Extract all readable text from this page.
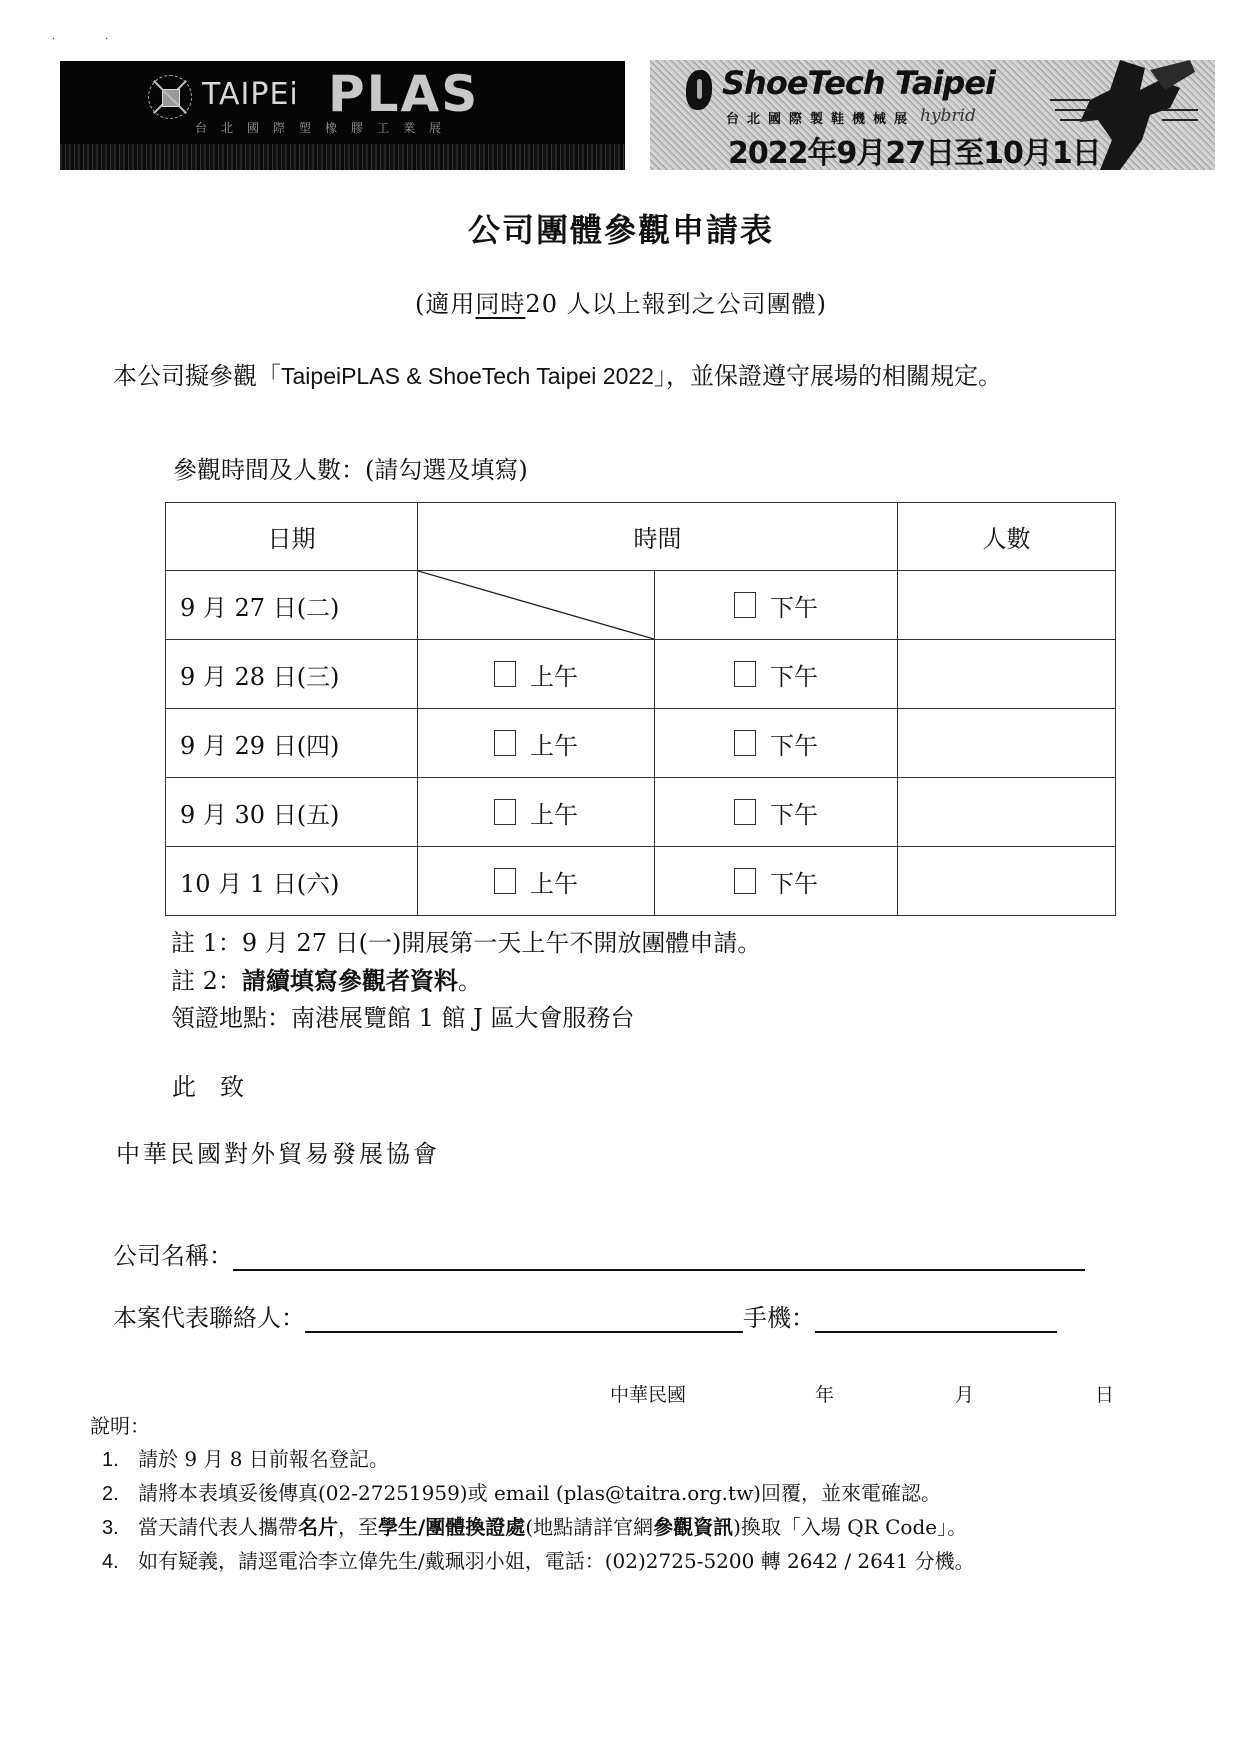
·	·
TAIPEi PLAS
台北國際塑橡膠工業展
ShoeTech Taipei
台北國際製鞋機械展 hybrid
2022年9月27日至10月1日
公司團體參觀申請表
(適用同時20 人以上報到之公司團體)
本公司擬參觀「TaipeiPLAS & ShoeTech Taipei 2022」，並保證遵守展場的相關規定。
參觀時間及人數：(請勾選及填寫)
日期	時間		人數
9 月 27 日(二)		下午	

9 月 28 日(三)	上午	下午	

9 月 29 日(四)	上午	下午	

9 月 30 日(五)	上午	下午	

10 月 1 日(六)	上午	下午	

註 1：9 月 27 日(一)開展第一天上午不開放團體申請。
註 2：請續填寫參觀者資料。
領證地點：南港展覽館 1 館 J 區大會服務台
此致
中華民國對外貿易發展協會
公司名稱：
本案代表聯絡人：	手機：
中華民國	年	月	日
說明：
1. 請於 9 月 8 日前報名登記。
2. 請將本表填妥後傳真(02-27251959)或 email (plas@taitra.org.tw)回覆，並來電確認。
3. 當天請代表人攜帶名片，至學生/團體換證處(地點請詳官網參觀資訊)換取「入場 QR Code」。
4. 如有疑義，請逕電洽李立偉先生/戴珮羽小姐，電話：(02)2725-5200 轉 2642 / 2641 分機。
